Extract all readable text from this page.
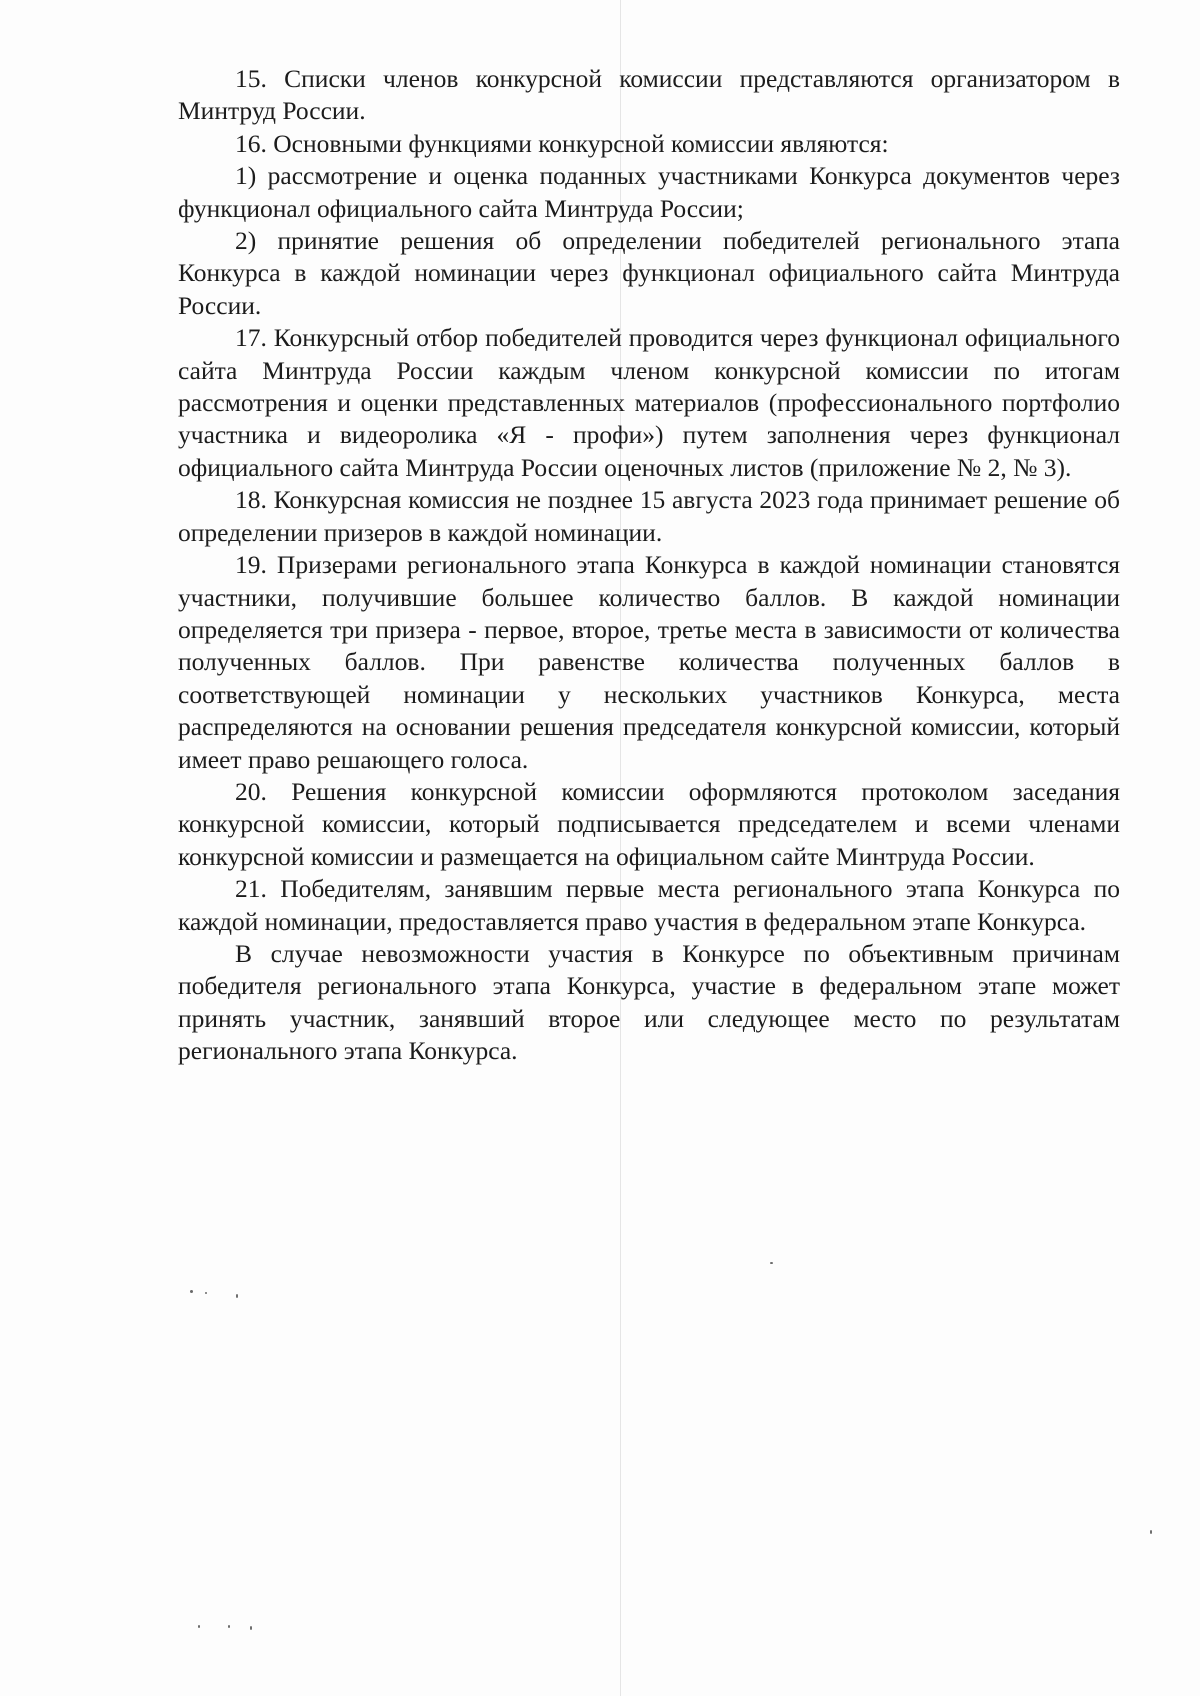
15. Списки членов конкурсной комиссии представляются организатором в Минтруд России.

16. Основными функциями конкурсной комиссии являются:

1) рассмотрение и оценка поданных участниками Конкурса документов через функционал официального сайта Минтруда России;

2) принятие решения об определении победителей регионального этапа Конкурса в каждой номинации через функционал официального сайта Минтруда России.

17. Конкурсный отбор победителей проводится через функционал официального сайта Минтруда России каждым членом конкурсной комиссии по итогам рассмотрения и оценки представленных материалов (профессионального портфолио участника и видеоролика «Я - профи») путем заполнения через функционал официального сайта Минтруда России оценочных листов (приложение № 2, № 3).

18. Конкурсная комиссия не позднее 15 августа 2023 года принимает решение об определении призеров в каждой номинации.

19. Призерами регионального этапа Конкурса в каждой номинации становятся участники, получившие большее количество баллов. В каждой номинации определяется три призера - первое, второе, третье места в зависимости от количества полученных баллов. При равенстве количества полученных баллов в соответствующей номинации у нескольких участников Конкурса, места распределяются на основании решения председателя конкурсной комиссии, который имеет право решающего голоса.

20. Решения конкурсной комиссии оформляются протоколом заседания конкурсной комиссии, который подписывается председателем и всеми членами конкурсной комиссии и размещается на официальном сайте Минтруда России.

21. Победителям, занявшим первые места регионального этапа Конкурса по каждой номинации, предоставляется право участия в федеральном этапе Конкурса.

В случае невозможности участия в Конкурсе по объективным причинам победителя регионального этапа Конкурса, участие в федеральном этапе может принять участник, занявший второе или следующее место по результатам регионального этапа Конкурса.
